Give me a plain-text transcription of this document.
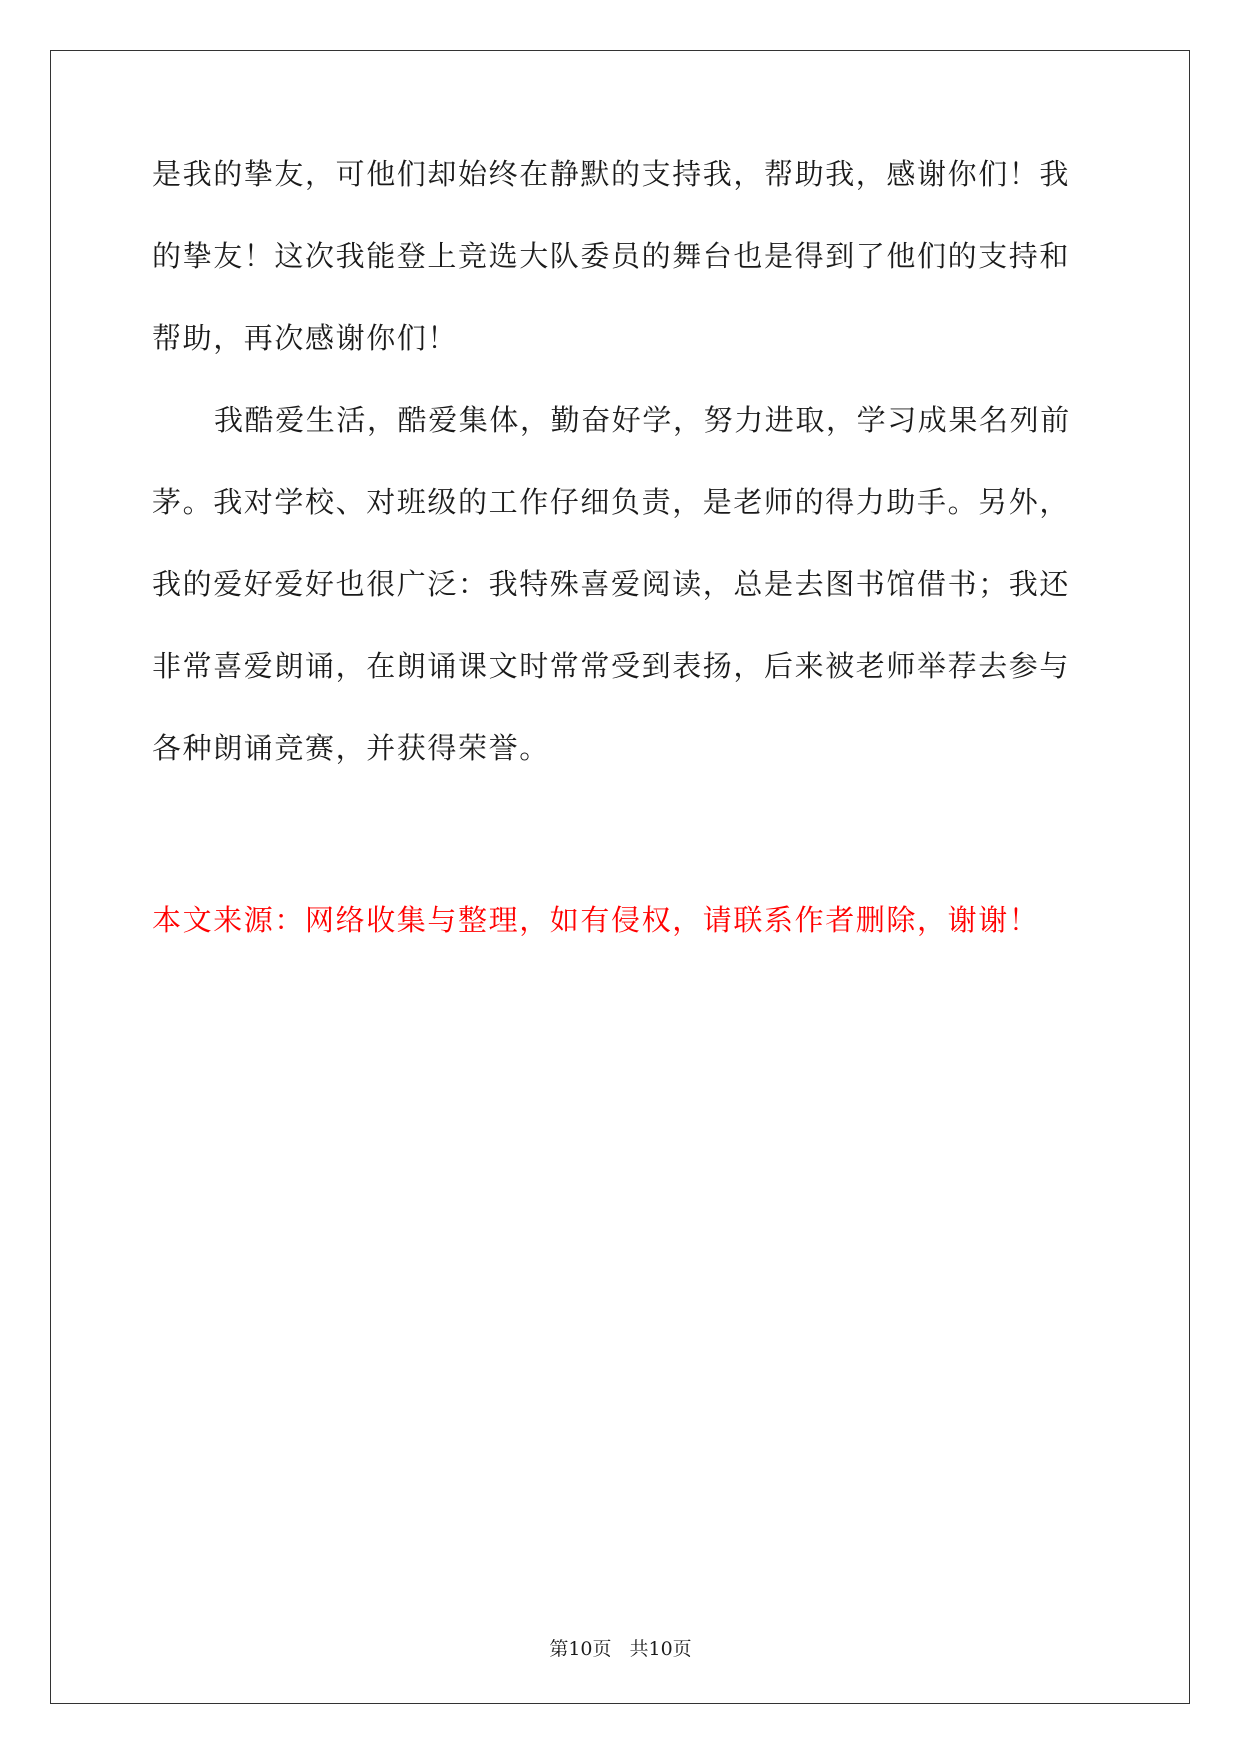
是我的挚友，可他们却始终在静默的支持我，帮助我，感谢你们！我
的挚友！这次我能登上竞选大队委员的舞台也是得到了他们的支持和
帮助，再次感谢你们！
我酷爱生活，酷爱集体，勤奋好学，努力进取，学习成果名列前
茅。我对学校、对班级的工作仔细负责，是老师的得力助手。另外，
我的爱好爱好也很广泛：我特殊喜爱阅读，总是去图书馆借书；我还
非常喜爱朗诵，在朗诵课文时常常受到表扬，后来被老师举荐去参与
各种朗诵竞赛，并获得荣誉。
本文来源：网络收集与整理，如有侵权，请联系作者删除，谢谢！
第10页 共10页
